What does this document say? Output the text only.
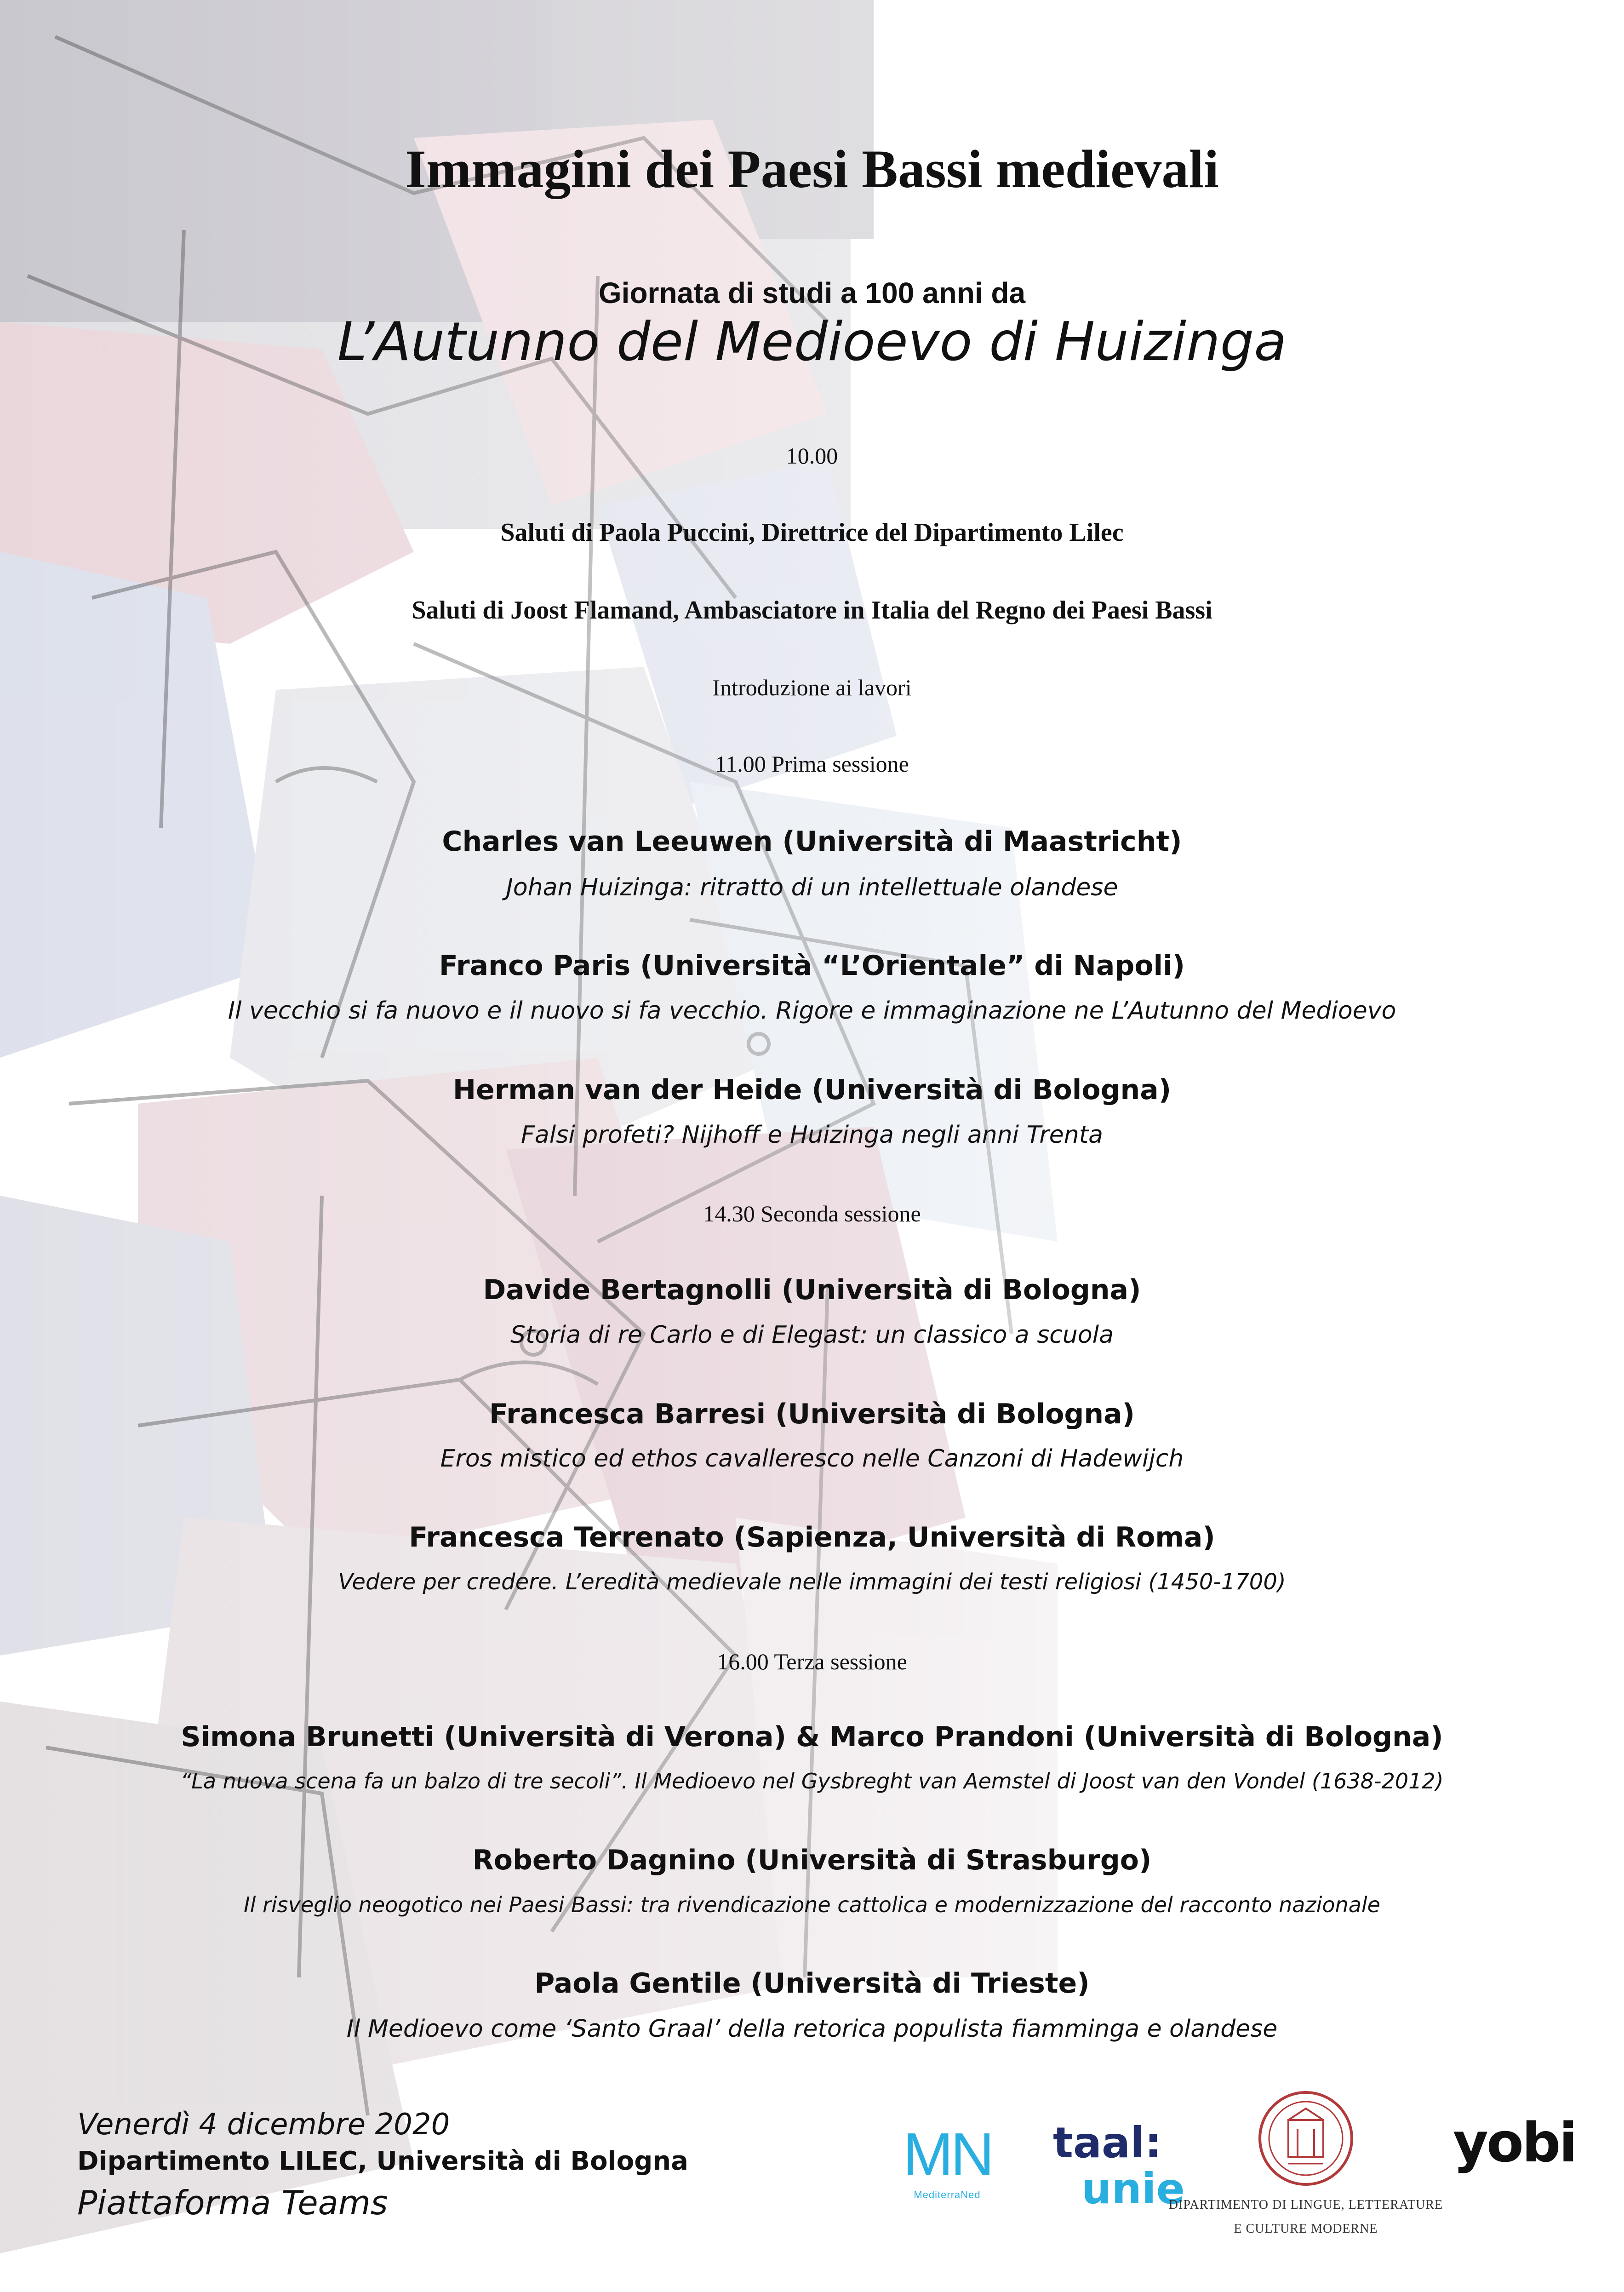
Immagini dei Paesi Bassi medievali
Giornata di studi a 100 anni da
L’Autunno del Medioevo di Huizinga
10.00
Saluti di Paola Puccini, Direttrice del Dipartimento Lilec
Saluti di Joost Flamand, Ambasciatore in Italia del Regno dei Paesi Bassi
Introduzione ai lavori
11.00 Prima sessione
Charles van Leeuwen (Università di Maastricht)
Johan Huizinga: ritratto di un intellettuale olandese
Franco Paris (Università “L’Orientale” di Napoli)
Il vecchio si fa nuovo e il nuovo si fa vecchio. Rigore e immaginazione ne L’Autunno del Medioevo
Herman van der Heide (Università di Bologna)
Falsi profeti? Nijhoff e Huizinga negli anni Trenta
14.30 Seconda sessione
Davide Bertagnolli (Università di Bologna)
Storia di re Carlo e di Elegast: un classico a scuola
Francesca Barresi (Università di Bologna)
Eros mistico ed ethos cavalleresco nelle Canzoni di Hadewijch
Francesca Terrenato (Sapienza, Università di Roma)
Vedere per credere. L’eredità medievale nelle immagini dei testi religiosi (1450-1700)
16.00 Terza sessione
Simona Brunetti (Università di Verona) & Marco Prandoni (Università di Bologna)
“La nuova scena fa un balzo di tre secoli”. Il Medioevo nel Gysbreght van Aemstel di Joost van den Vondel (1638-2012)
Roberto Dagnino (Università di Strasburgo)
Il risveglio neogotico nei Paesi Bassi: tra rivendicazione cattolica e modernizzazione del racconto nazionale
Paola Gentile (Università di Trieste)
Il Medioevo come ‘Santo Graal’ della retorica populista fiamminga e olandese
Venerdì 4 dicembre 2020
Dipartimento LILEC, Università di Bologna
Piattaforma Teams
MN
MediterraNed
taal:
unie
DIPARTIMENTO DI LINGUE, LETTERATURE
E CULTURE MODERNE
yobi
